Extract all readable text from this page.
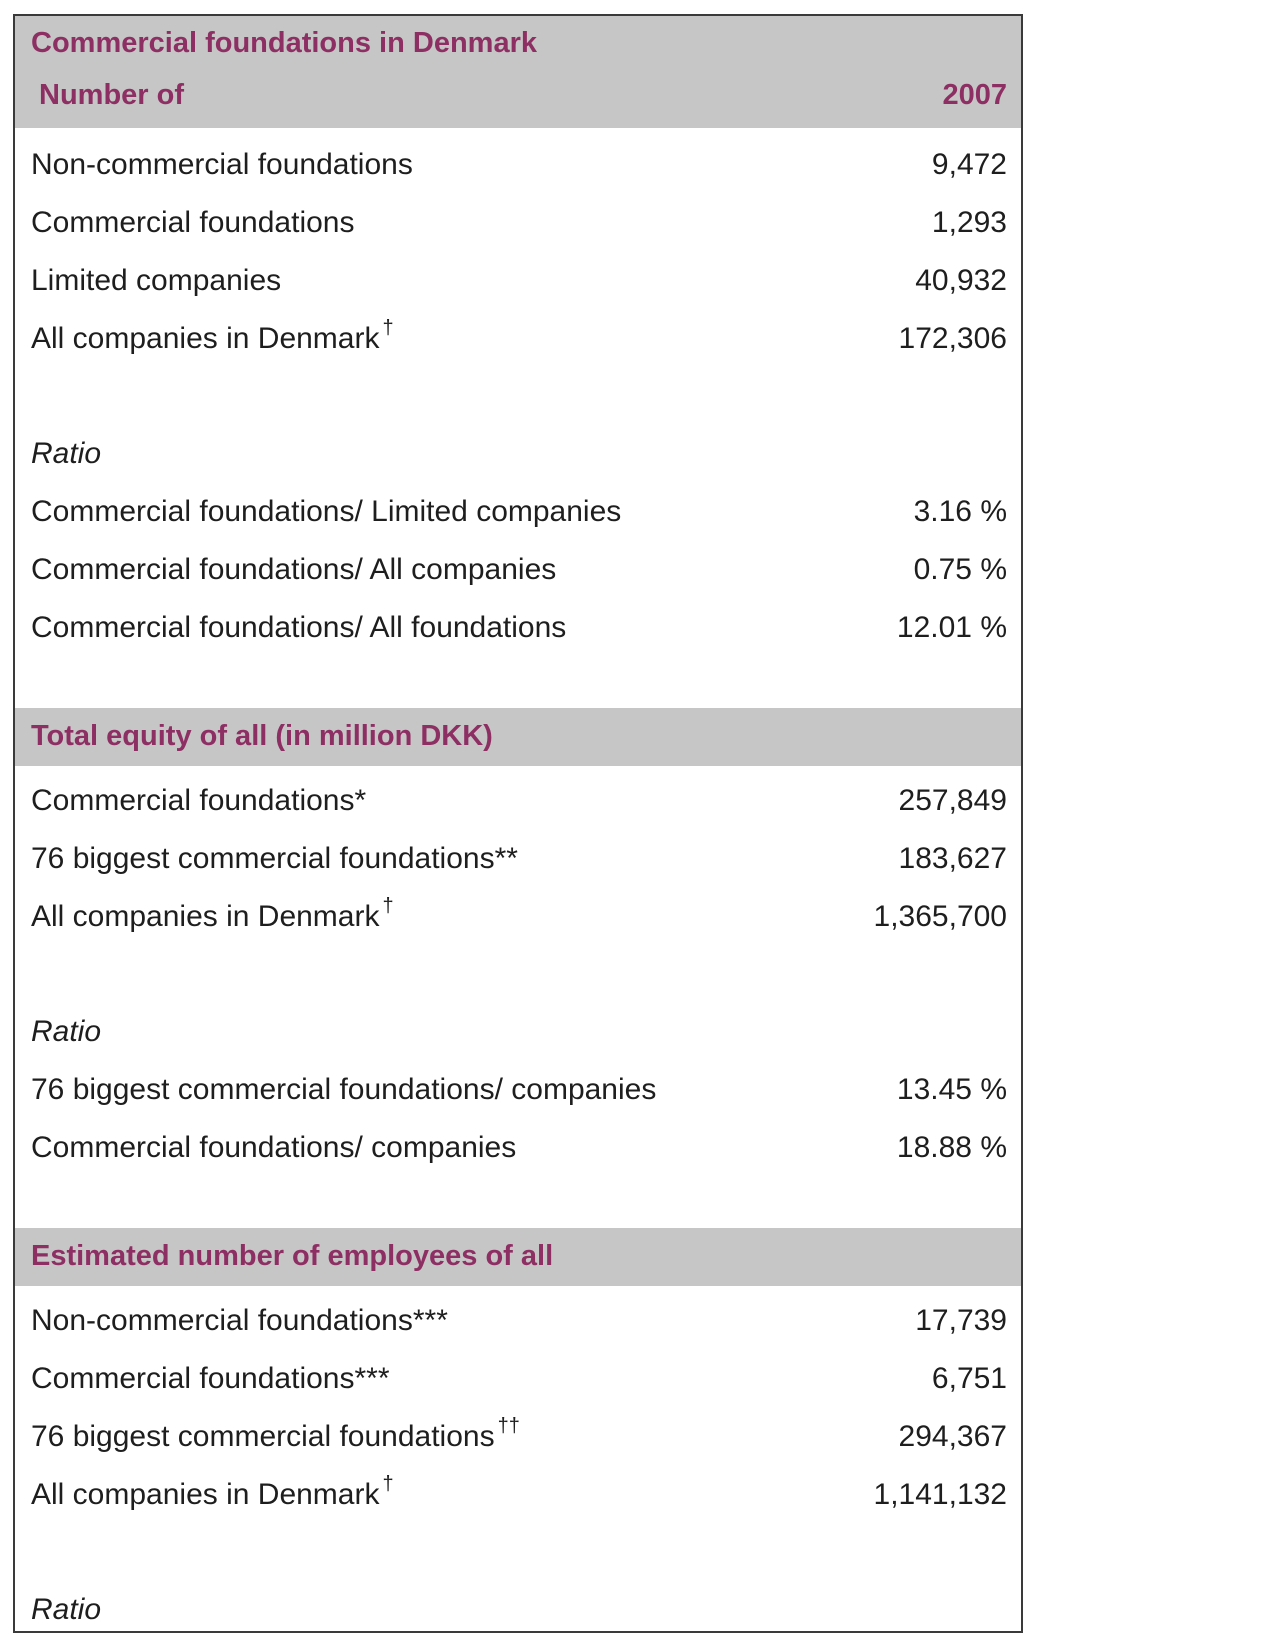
Commercial foundations in Denmark
Number of	2007
Non-commercial foundations	9,472
Commercial foundations	1,293
Limited companies	40,932
All companies in Denmark †	172,306
Ratio
Commercial foundations/ Limited companies	3.16 %
Commercial foundations/ All companies	0.75 %
Commercial foundations/ All foundations	12.01 %
Total equity of all (in million DKK)
Commercial foundations*	257,849
76 biggest commercial foundations**	183,627
All companies in Denmark †	1,365,700
Ratio
76 biggest commercial foundations/ companies	13.45 %
Commercial foundations/ companies	18.88 %
Estimated number of employees of all
Non-commercial foundations***	17,739
Commercial foundations***	6,751
76 biggest commercial foundations ††	294,367
All companies in Denmark †	1,141,132
Ratio
